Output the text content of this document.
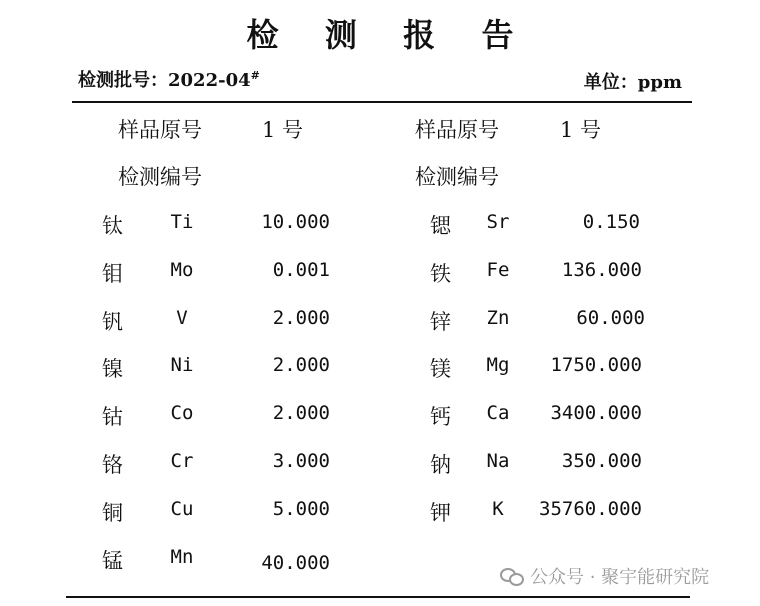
检 测 报 告
检测批号：2022-04#	单位：ppm
样品原号	1 号
检测编号
样品原号	1 号
检测编号
钛	Ti	10.000
钼	Mo	0.001
钒	V	2.000
镍	Ni	2.000
钴	Co	2.000
铬	Cr	3.000
铜	Cu	5.000
锰	Mn	40.000
锶	Sr	0.150
铁	Fe	136.000
锌	Zn	60.000
镁	Mg	1750.000
钙	Ca	3400.000
钠	Na	350.000
钾	K	35760.000
公众号 · 聚宇能研究院
